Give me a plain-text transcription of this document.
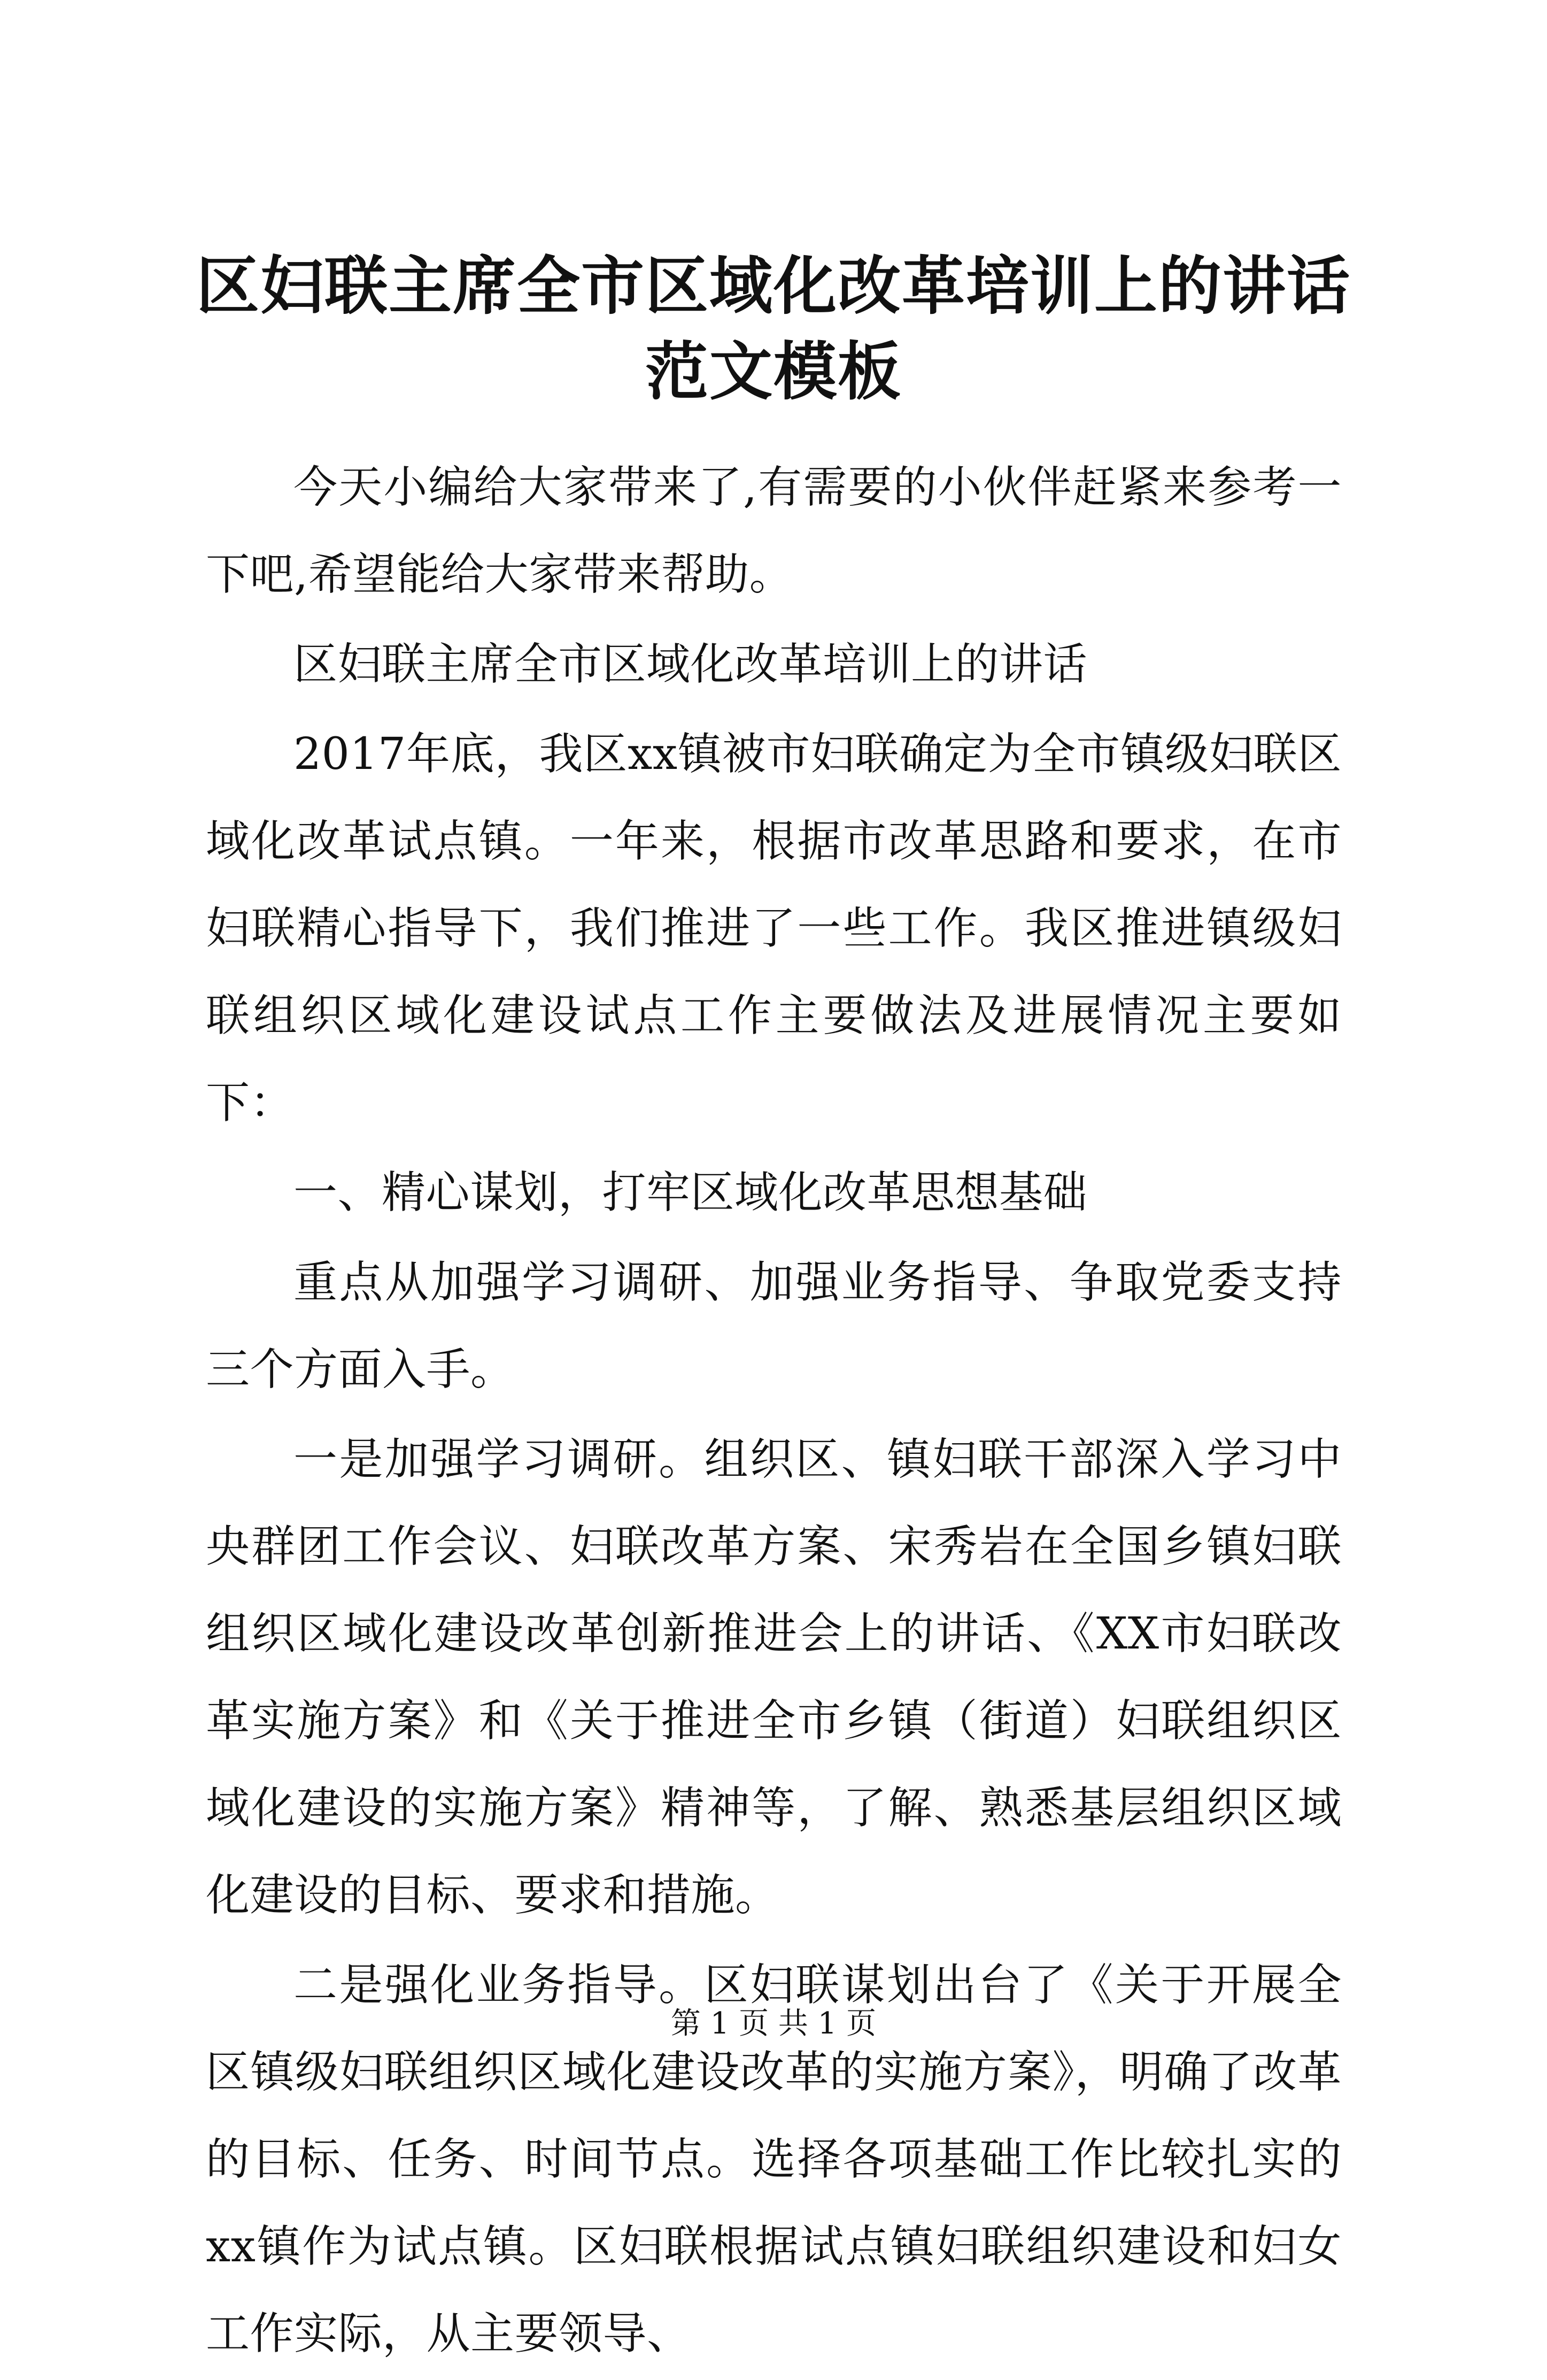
区妇联主席全市区域化改革培训上的讲话范文模板

今天小编给大家带来了,有需要的小伙伴赶紧来参考一下吧,希望能给大家带来帮助。

区妇联主席全市区域化改革培训上的讲话

2017年底，我区xx镇被市妇联确定为全市镇级妇联区域化改革试点镇。一年来，根据市改革思路和要求，在市妇联精心指导下，我们推进了一些工作。我区推进镇级妇联组织区域化建设试点工作主要做法及进展情况主要如下：

一、精心谋划，打牢区域化改革思想基础

重点从加强学习调研、加强业务指导、争取党委支持三个方面入手。

一是加强学习调研。组织区、镇妇联干部深入学习中央群团工作会议、妇联改革方案、宋秀岩在全国乡镇妇联组织区域化建设改革创新推进会上的讲话、《XX市妇联改革实施方案》和《关于推进全市乡镇（街道）妇联组织区域化建设的实施方案》精神等，了解、熟悉基层组织区域化建设的目标、要求和措施。

二是强化业务指导。区妇联谋划出台了《关于开展全区镇级妇联组织区域化建设改革的实施方案》，明确了改革的目标、任务、时间节点。选择各项基础工作比较扎实的xx镇作为试点镇。区妇联根据试点镇妇联组织建设和妇女工作实际，从主要领导、

第 1 页 共 1 页
